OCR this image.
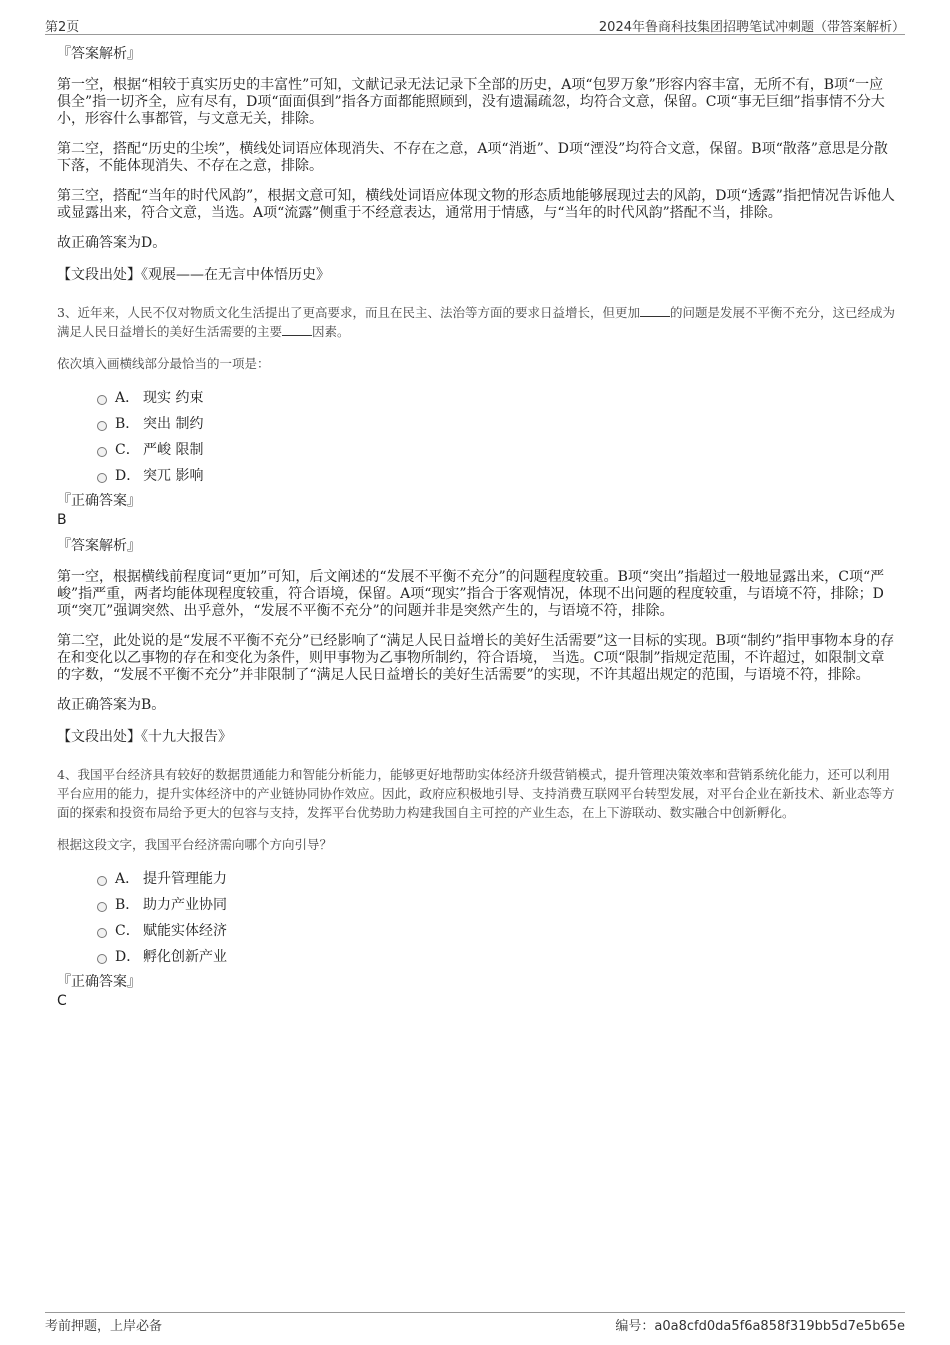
第2页	2024年鲁商科技集团招聘笔试冲刺题（带答案解析）
『答案解析』
第一空，根据“相较于真实历史的丰富性”可知，文献记录无法记录下全部的历史，A项“包罗万象”形容内容丰富，无所不有，B项“一应俱全”指一切齐全，应有尽有，D项“面面俱到”指各方面都能照顾到，没有遗漏疏忽，均符合文意，保留。C项“事无巨细”指事情不分大小，形容什么事都管，与文意无关，排除。
第二空，搭配“历史的尘埃”，横线处词语应体现消失、不存在之意，A项“消逝”、D项“湮没”均符合文意，保留。B项“散落”意思是分散下落，不能体现消失、不存在之意，排除。
第三空，搭配“当年的时代风韵”，根据文意可知，横线处词语应体现文物的形态质地能够展现过去的风韵，D项“透露”指把情况告诉他人或显露出来，符合文意，当选。A项“流露”侧重于不经意表达，通常用于情感，与“当年的时代风韵”搭配不当，排除。
故正确答案为D。
【文段出处】《观展——在无言中体悟历史》
3、近年来，人民不仅对物质文化生活提出了更高要求，而且在民主、法治等方面的要求日益增长，但更加 的问题是发展不平衡不充分，这已经成为满足人民日益增长的美好生活需要的主要 因素。
依次填入画横线部分最恰当的一项是：
A． 现实 约束
B． 突出 制约
C． 严峻 限制
D． 突兀 影响
『正确答案』
B
『答案解析』
第一空，根据横线前程度词“更加”可知，后文阐述的“发展不平衡不充分”的问题程度较重。B项“突出”指超过一般地显露出来，C项“严峻”指严重，两者均能体现程度较重，符合语境，保留。A项“现实”指合于客观情况，体现不出问题的程度较重，与语境不符，排除；D项“突兀”强调突然、出乎意外，“发展不平衡不充分”的问题并非是突然产生的，与语境不符，排除。
第二空，此处说的是“发展不平衡不充分”已经影响了“满足人民日益增长的美好生活需要”这一目标的实现。B项“制约”指甲事物本身的存在和变化以乙事物的存在和变化为条件，则甲事物为乙事物所制约，符合语境， 当选。C项“限制”指规定范围，不许超过，如限制文章的字数，“发展不平衡不充分”并非限制了“满足人民日益增长的美好生活需要”的实现，不许其超出规定的范围，与语境不符，排除。
故正确答案为B。
【文段出处】《十九大报告》
4、我国平台经济具有较好的数据贯通能力和智能分析能力，能够更好地帮助实体经济升级营销模式，提升管理决策效率和营销系统化能力，还可以利用平台应用的能力，提升实体经济中的产业链协同协作效应。因此，政府应积极地引导、支持消费互联网平台转型发展，对平台企业在新技术、新业态等方面的探索和投资布局给予更大的包容与支持，发挥平台优势助力构建我国自主可控的产业生态，在上下游联动、数实融合中创新孵化。
根据这段文字，我国平台经济需向哪个方向引导？
A． 提升管理能力
B． 助力产业协同
C． 赋能实体经济
D． 孵化创新产业
『正确答案』
C
考前押题，上岸必备	编号：a0a8cfd0da5f6a858f319bb5d7e5b65e
